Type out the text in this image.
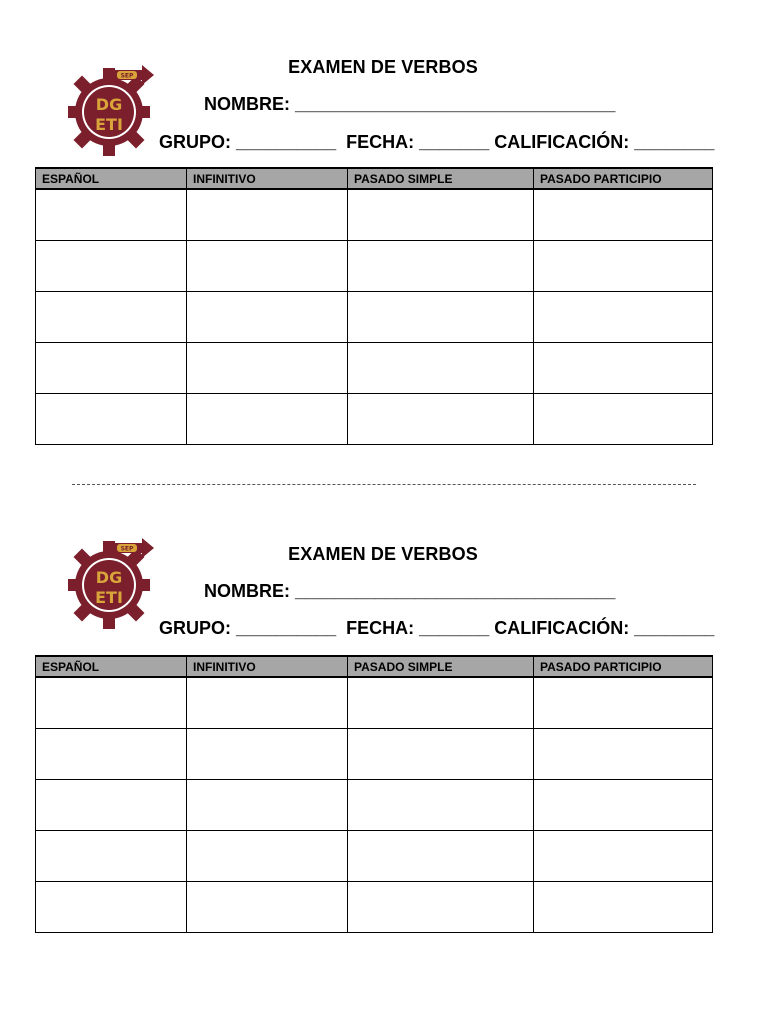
SEP
DG
ETI
EXAMEN DE VERBOS
NOMBRE: ________________________________
GRUPO: __________ FECHA: _______ CALIFICACIÓN: ________
ESPAÑOL	INFINITIVO	PASADO SIMPLE	PASADO PARTICIPIO

SEP
DG
ETI
EXAMEN DE VERBOS
NOMBRE: ________________________________
GRUPO: __________ FECHA: _______ CALIFICACIÓN: ________
ESPAÑOL	INFINITIVO	PASADO SIMPLE	PASADO PARTICIPIO
